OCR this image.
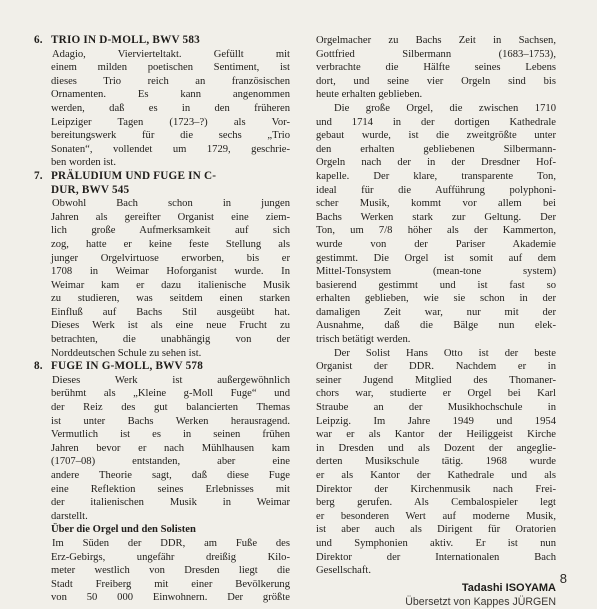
6. TRIO IN D-MOLL, BWV 583
Adagio, Viervierteltakt. Gefüllt mit
einem milden poetischen Sentiment, ist
dieses Trio reich an französischen
Ornamenten. Es kann angenommen
werden, daß es in den früheren
Leipziger Tagen (1723–?) als Vor-
bereitungswerk für die sechs „Trio
Sonaten“, vollendet um 1729, geschrie-
ben worden ist.
7. PRÄLUDIUM UND FUGE IN C-
DUR, BWV 545
Obwohl Bach schon in jungen
Jahren als gereifter Organist eine ziem-
lich große Aufmerksamkeit auf sich
zog, hatte er keine feste Stellung als
junger Orgelvirtuose erworben, bis er
1708 in Weimar Hoforganist wurde. In
Weimar kam er dazu italienische Musik
zu studieren, was seitdem einen starken
Einfluß auf Bachs Stil ausgeübt hat.
Dieses Werk ist als eine neue Frucht zu
betrachten, die unabhängig von der
Norddeutschen Schule zu sehen ist.
8. FUGE IN G-MOLL, BWV 578
Dieses Werk ist außergewöhnlich
berühmt als „Kleine g-Moll Fuge“ und
der Reiz des gut balancierten Themas
ist unter Bachs Werken herausragend.
Vermutlich ist es in seinen frühen
Jahren bevor er nach Mühlhausen kam
(1707–08) entstanden, aber eine
andere Theorie sagt, daß diese Fuge
eine Reflektion seines Erlebnisses mit
der italienischen Musik in Weimar
darstellt.
Über die Orgel und den Solisten
Im Süden der DDR, am Fuße des
Erz-Gebirgs, ungefähr dreißig Kilo-
meter westlich von Dresden liegt die
Stadt Freiberg mit einer Bevölkerung
von 50 000 Einwohnern. Der größte
Orgelmacher zu Bachs Zeit in Sachsen,
Gottfried Silbermann (1683–1753),
verbrachte die Hälfte seines Lebens
dort, und seine vier Orgeln sind bis
heute erhalten geblieben.
Die große Orgel, die zwischen 1710
und 1714 in der dortigen Kathedrale
gebaut wurde, ist die zweitgrößte unter
den erhalten gebliebenen Silbermann-
Orgeln nach der in der Dresdner Hof-
kapelle. Der klare, transparente Ton,
ideal für die Aufführung polyphoni-
scher Musik, kommt vor allem bei
Bachs Werken stark zur Geltung. Der
Ton, um 7/8 höher als der Kammerton,
wurde von der Pariser Akademie
gestimmt. Die Orgel ist somit auf dem
Mittel-Tonsystem (mean-tone system)
basierend gestimmt und ist fast so
erhalten geblieben, wie sie schon in der
damaligen Zeit war, nur mit der
Ausnahme, daß die Bälge nun elek-
trisch betätigt werden.
Der Solist Hans Otto ist der beste
Organist der DDR. Nachdem er in
seiner Jugend Mitglied des Thomaner-
chors war, studierte er Orgel bei Karl
Straube an der Musikhochschule in
Leipzig. Im Jahre 1949 und 1954
war er als Kantor der Heiliggeist Kirche
in Dresden und als Dozent der angeglie-
derten Musikschule tätig. 1968 wurde
er als Kantor der Kathedrale und als
Direktor der Kirchenmusik nach Frei-
berg gerufen. Als Cembalospieler legt
er besonderen Wert auf moderne Musik,
ist aber auch als Dirigent für Oratorien
und Symphonien aktiv. Er ist nun
Direktor der Internationalen Bach
Gesellschaft.
Tadashi ISOYAMA
Übersetzt von Kappes JÜRGEN
8
